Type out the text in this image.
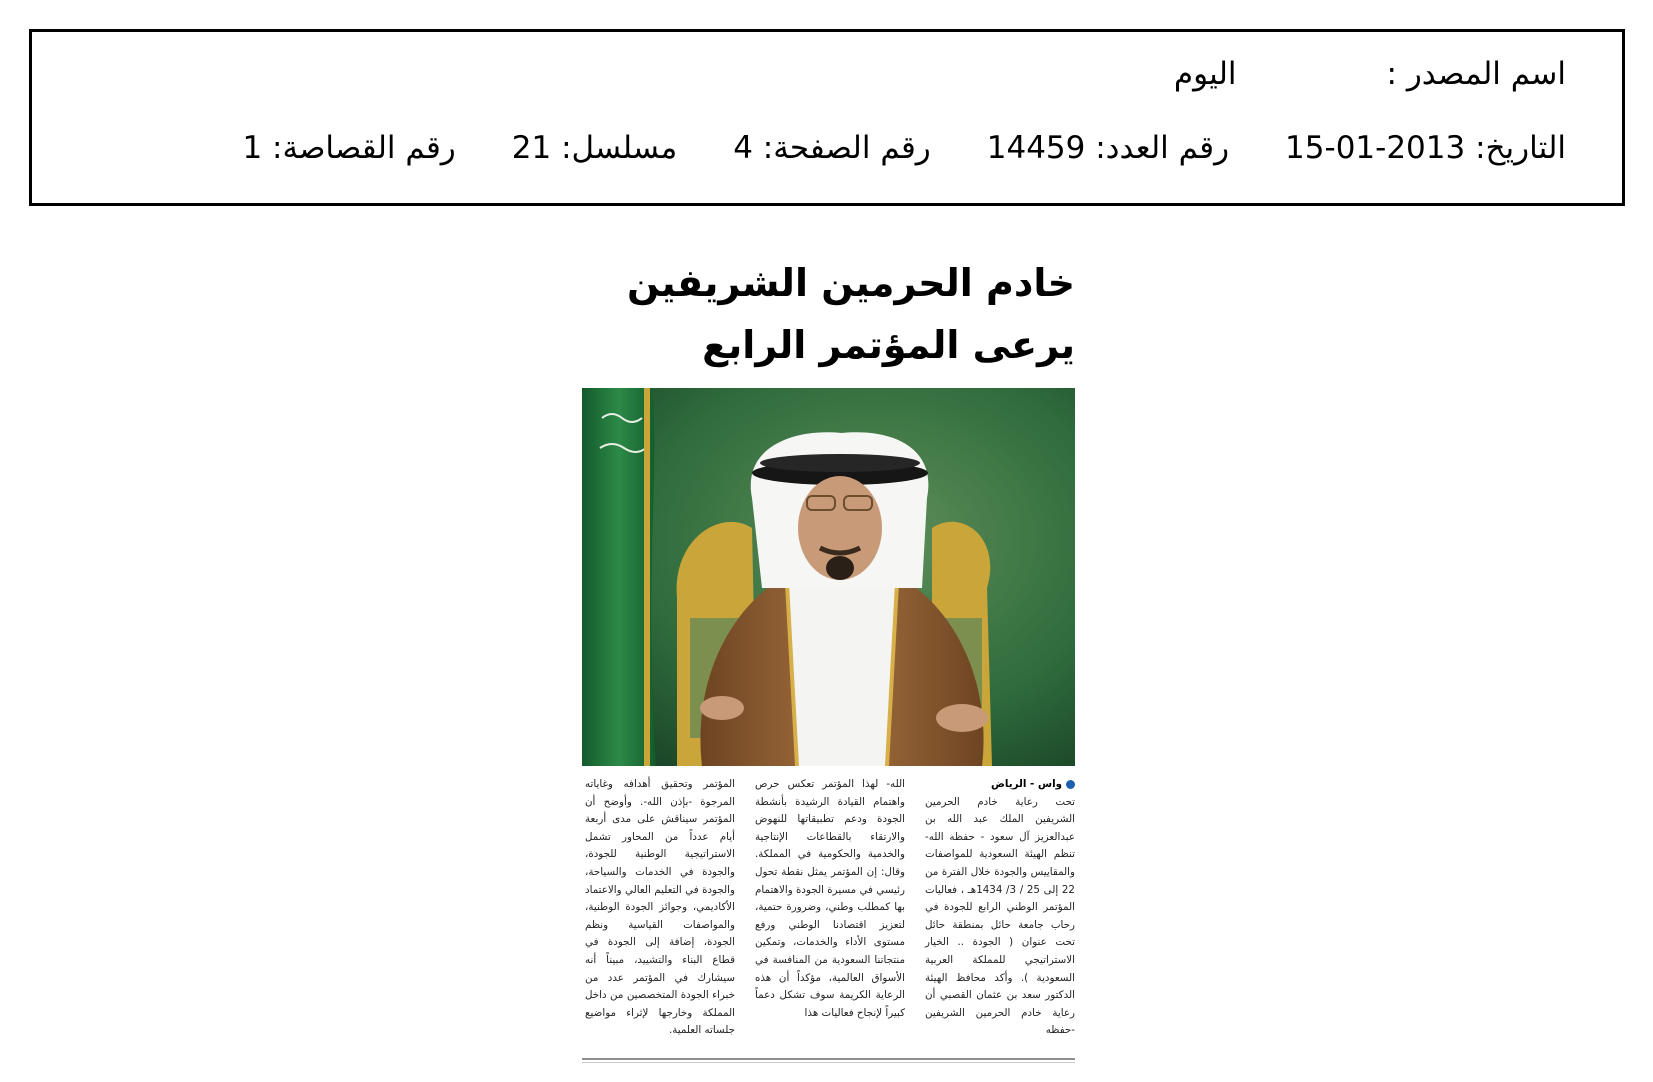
اسم المصدر :اليوم
التاريخ: 2013-01-15رقم العدد: 14459رقم الصفحة: 4مسلسل: 21رقم القصاصة: 1
خادم الحرمين الشريفين
يرعى المؤتمر الرابع
واس - الرياض
تحت رعاية خادم الحرمين الشريفين الملك عبد الله بن عبدالعزيز آل سعود - حفظه الله- تنظم الهيئة السعودية للمواصفات والمقاييس والجودة خلال الفترة من 22 إلى 25 / 3/ 1434هـ ، فعاليات المؤتمر الوطني الرابع للجودة في رحاب جامعة حائل بمنطقة حائل تحت عنوان ( الجودة .. الخيار الاستراتيجي للمملكة العربية السعودية ). وأكد محافظ الهيئة الدكتور سعد بن عثمان القصبي أن رعاية خادم الحرمين الشريفين -حفظه
الله- لهذا المؤتمر تعكس حرص واهتمام القيادة الرشيدة بأنشطة الجودة ودعم تطبيقاتها للنهوض والارتقاء بالقطاعات الإنتاجية والخدمية والحكومية في المملكة. وقال: إن المؤتمر يمثل نقطة تحول رئيسي في مسيرة الجودة والاهتمام بها كمطلب وطني، وضرورة حتمية، لتعزيز اقتصادنا الوطني ورفع مستوى الأداء والخدمات، وتمكين منتجاتنا السعودية من المنافسة في الأسواق العالمية، مؤكداً أن هذه الرعاية الكريمة سوف تشكل دعماً كبيراً لإنجاح فعاليات هذا
المؤتمر وتحقيق أهدافه وغاياته المرجوة -بإذن الله-. وأوضح أن المؤتمر سيناقش على مدى أربعة أيام عدداً من المحاور تشمل الاستراتيجية الوطنية للجودة، والجودة في الخدمات والسياحة، والجودة في التعليم العالي والاعتماد الأكاديمي، وجوائز الجودة الوطنية، والمواصفات القياسية ونظم الجودة، إضافة إلى الجودة في قطاع البناء والتشييد، مبيناً أنه سيشارك في المؤتمر عدد من خبراء الجودة المتخصصين من داخل المملكة وخارجها لإثراء مواضيع جلساته العلمية.
